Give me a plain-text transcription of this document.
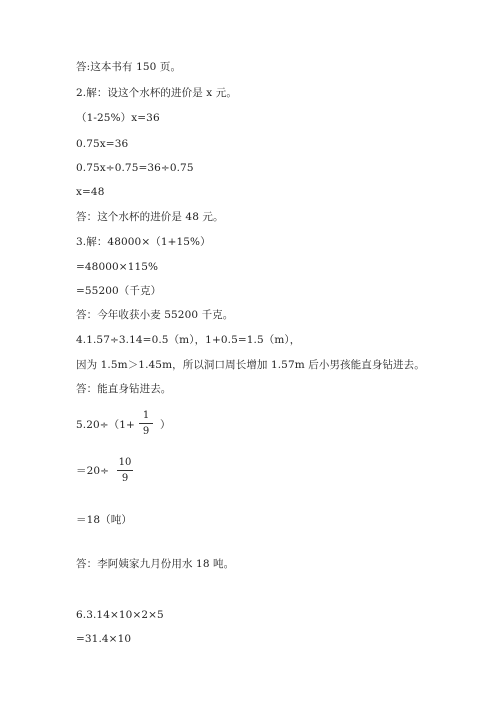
答:这本书有 150 页。
2.解：设这个水杯的进价是 x 元。
（1-25%）x=36
0.75x=36
0.75x÷0.75=36÷0.75
x=48
答：这个水杯的进价是 48 元。
3.解：48000×（1+15%）
=48000×115%
=55200（千克）
答：今年收获小麦 55200 千克。
4.1.57÷3.14=0.5（m），1+0.5=1.5（m），
因为 1.5m＞1.45m，所以洞口周长增加 1.57m 后小男孩能直身钻进去。
答：能直身钻进去。
$5.20\div(1+ \frac{1}{9}$ ）
$=20\div \frac{10}{9}$
＝18（吨）
答：李阿姨家九月份用水 18 吨。
6.3.14×10×2×5
=31.4×10
